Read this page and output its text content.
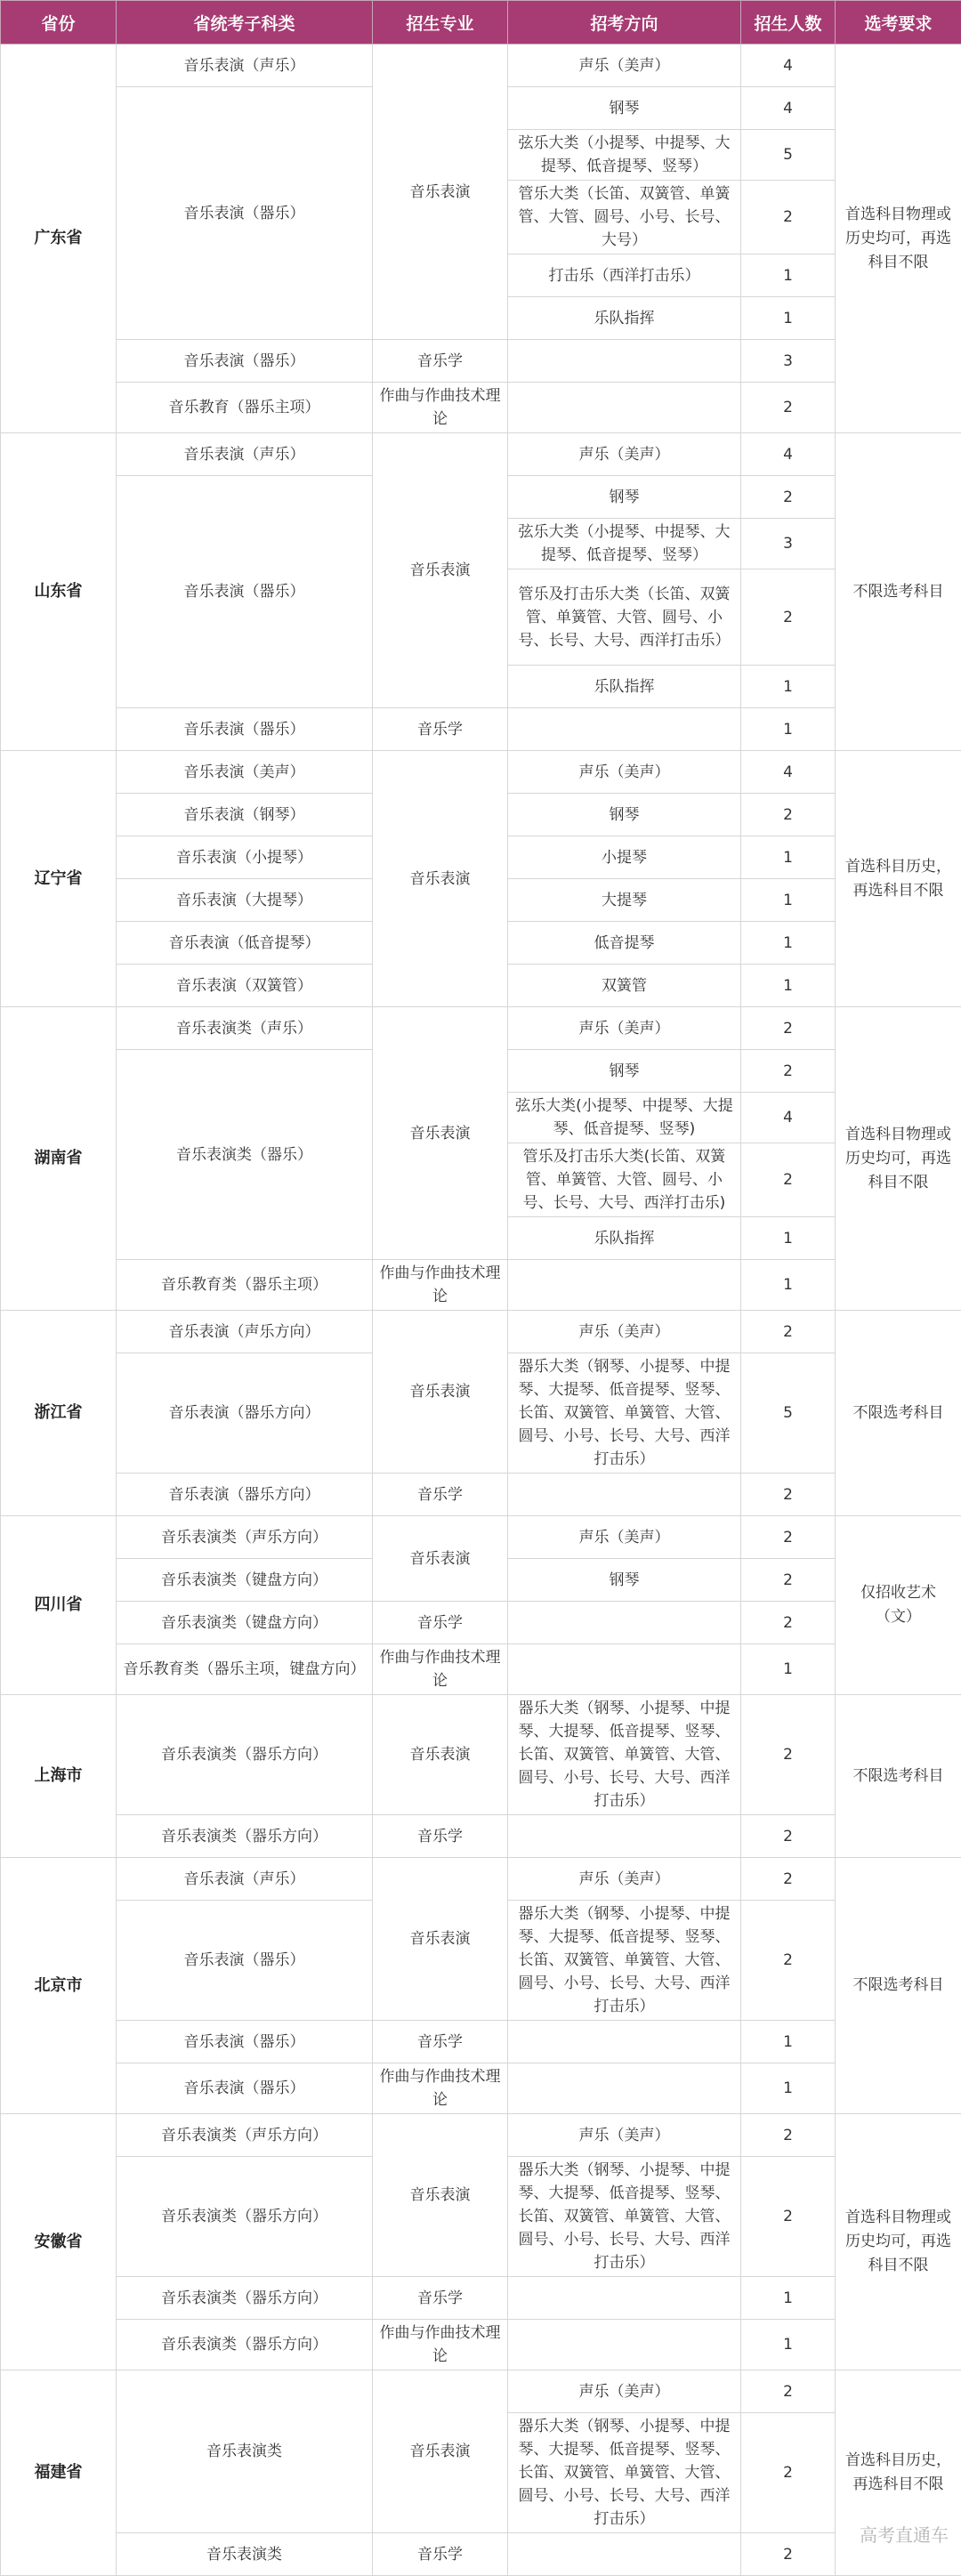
省份	省统考子科类	招生专业	招考方向	招生人数	选考要求
广东省	音乐表演（声乐）	音乐表演	声乐（美声）	4	首选科目物理或历史均可，再选科目不限
	音乐表演（器乐）		钢琴	4	
			弦乐大类（小提琴、中提琴、大提琴、低音提琴、竖琴）	5	
			管乐大类（长笛、双簧管、单簧管、大管、圆号、小号、长号、大号）	2	
			打击乐（西洋打击乐）	1	
			乐队指挥	1	
	音乐表演（器乐）	音乐学		3	
	音乐教育（器乐主项）	作曲与作曲技术理论		2	
山东省	音乐表演（声乐）	音乐表演	声乐（美声）	4	不限选考科目
	音乐表演（器乐）		钢琴	2	
			弦乐大类（小提琴、中提琴、大提琴、低音提琴、竖琴）	3	
			管乐及打击乐大类（长笛、双簧管、单簧管、大管、圆号、小号、长号、大号、西洋打击乐）	2	
			乐队指挥	1	
	音乐表演（器乐）	音乐学		1	
辽宁省	音乐表演（美声）	音乐表演	声乐（美声）	4	首选科目历史，再选科目不限
	音乐表演（钢琴）		钢琴	2	
	音乐表演（小提琴）		小提琴	1	
	音乐表演（大提琴）		大提琴	1	
	音乐表演（低音提琴）		低音提琴	1	
	音乐表演（双簧管）		双簧管	1	
湖南省	音乐表演类（声乐）	音乐表演	声乐（美声）	2	首选科目物理或历史均可，再选科目不限
	音乐表演类（器乐）		钢琴	2	
			弦乐大类(小提琴、中提琴、大提琴、低音提琴、竖琴)	4	
			管乐及打击乐大类(长笛、双簧管、单簧管、大管、圆号、小号、长号、大号、西洋打击乐)	2	
			乐队指挥	1	
	音乐教育类（器乐主项）	作曲与作曲技术理论		1	
浙江省	音乐表演（声乐方向）	音乐表演	声乐（美声）	2	不限选考科目
	音乐表演（器乐方向）		器乐大类（钢琴、小提琴、中提琴、大提琴、低音提琴、竖琴、长笛、双簧管、单簧管、大管、圆号、小号、长号、大号、西洋打击乐）	5	
	音乐表演（器乐方向）	音乐学		2	
四川省	音乐表演类（声乐方向）	音乐表演	声乐（美声）	2	仅招收艺术（文）
	音乐表演类（键盘方向）		钢琴	2	
	音乐表演类（键盘方向）	音乐学		2	
	音乐教育类（器乐主项，键盘方向）	作曲与作曲技术理论		1	
上海市	音乐表演类（器乐方向）	音乐表演	器乐大类（钢琴、小提琴、中提琴、大提琴、低音提琴、竖琴、长笛、双簧管、单簧管、大管、圆号、小号、长号、大号、西洋打击乐）	2	不限选考科目
	音乐表演类（器乐方向）	音乐学		2	
北京市	音乐表演（声乐）	音乐表演	声乐（美声）	2	不限选考科目
	音乐表演（器乐）		器乐大类（钢琴、小提琴、中提琴、大提琴、低音提琴、竖琴、长笛、双簧管、单簧管、大管、圆号、小号、长号、大号、西洋打击乐）	2	
	音乐表演（器乐）	音乐学		1	
	音乐表演（器乐）	作曲与作曲技术理论		1	
安徽省	音乐表演类（声乐方向）	音乐表演	声乐（美声）	2	首选科目物理或历史均可，再选科目不限
	音乐表演类（器乐方向）		器乐大类（钢琴、小提琴、中提琴、大提琴、低音提琴、竖琴、长笛、双簧管、单簧管、大管、圆号、小号、长号、大号、西洋打击乐）	2	
	音乐表演类（器乐方向）	音乐学		1	
	音乐表演类（器乐方向）	作曲与作曲技术理论		1	
福建省	音乐表演类	音乐表演	声乐（美声）	2	首选科目历史，再选科目不限
			器乐大类（钢琴、小提琴、中提琴、大提琴、低音提琴、竖琴、长笛、双簧管、单簧管、大管、圆号、小号、长号、大号、西洋打击乐）	2	
	音乐表演类	音乐学		2	
高考直通车
